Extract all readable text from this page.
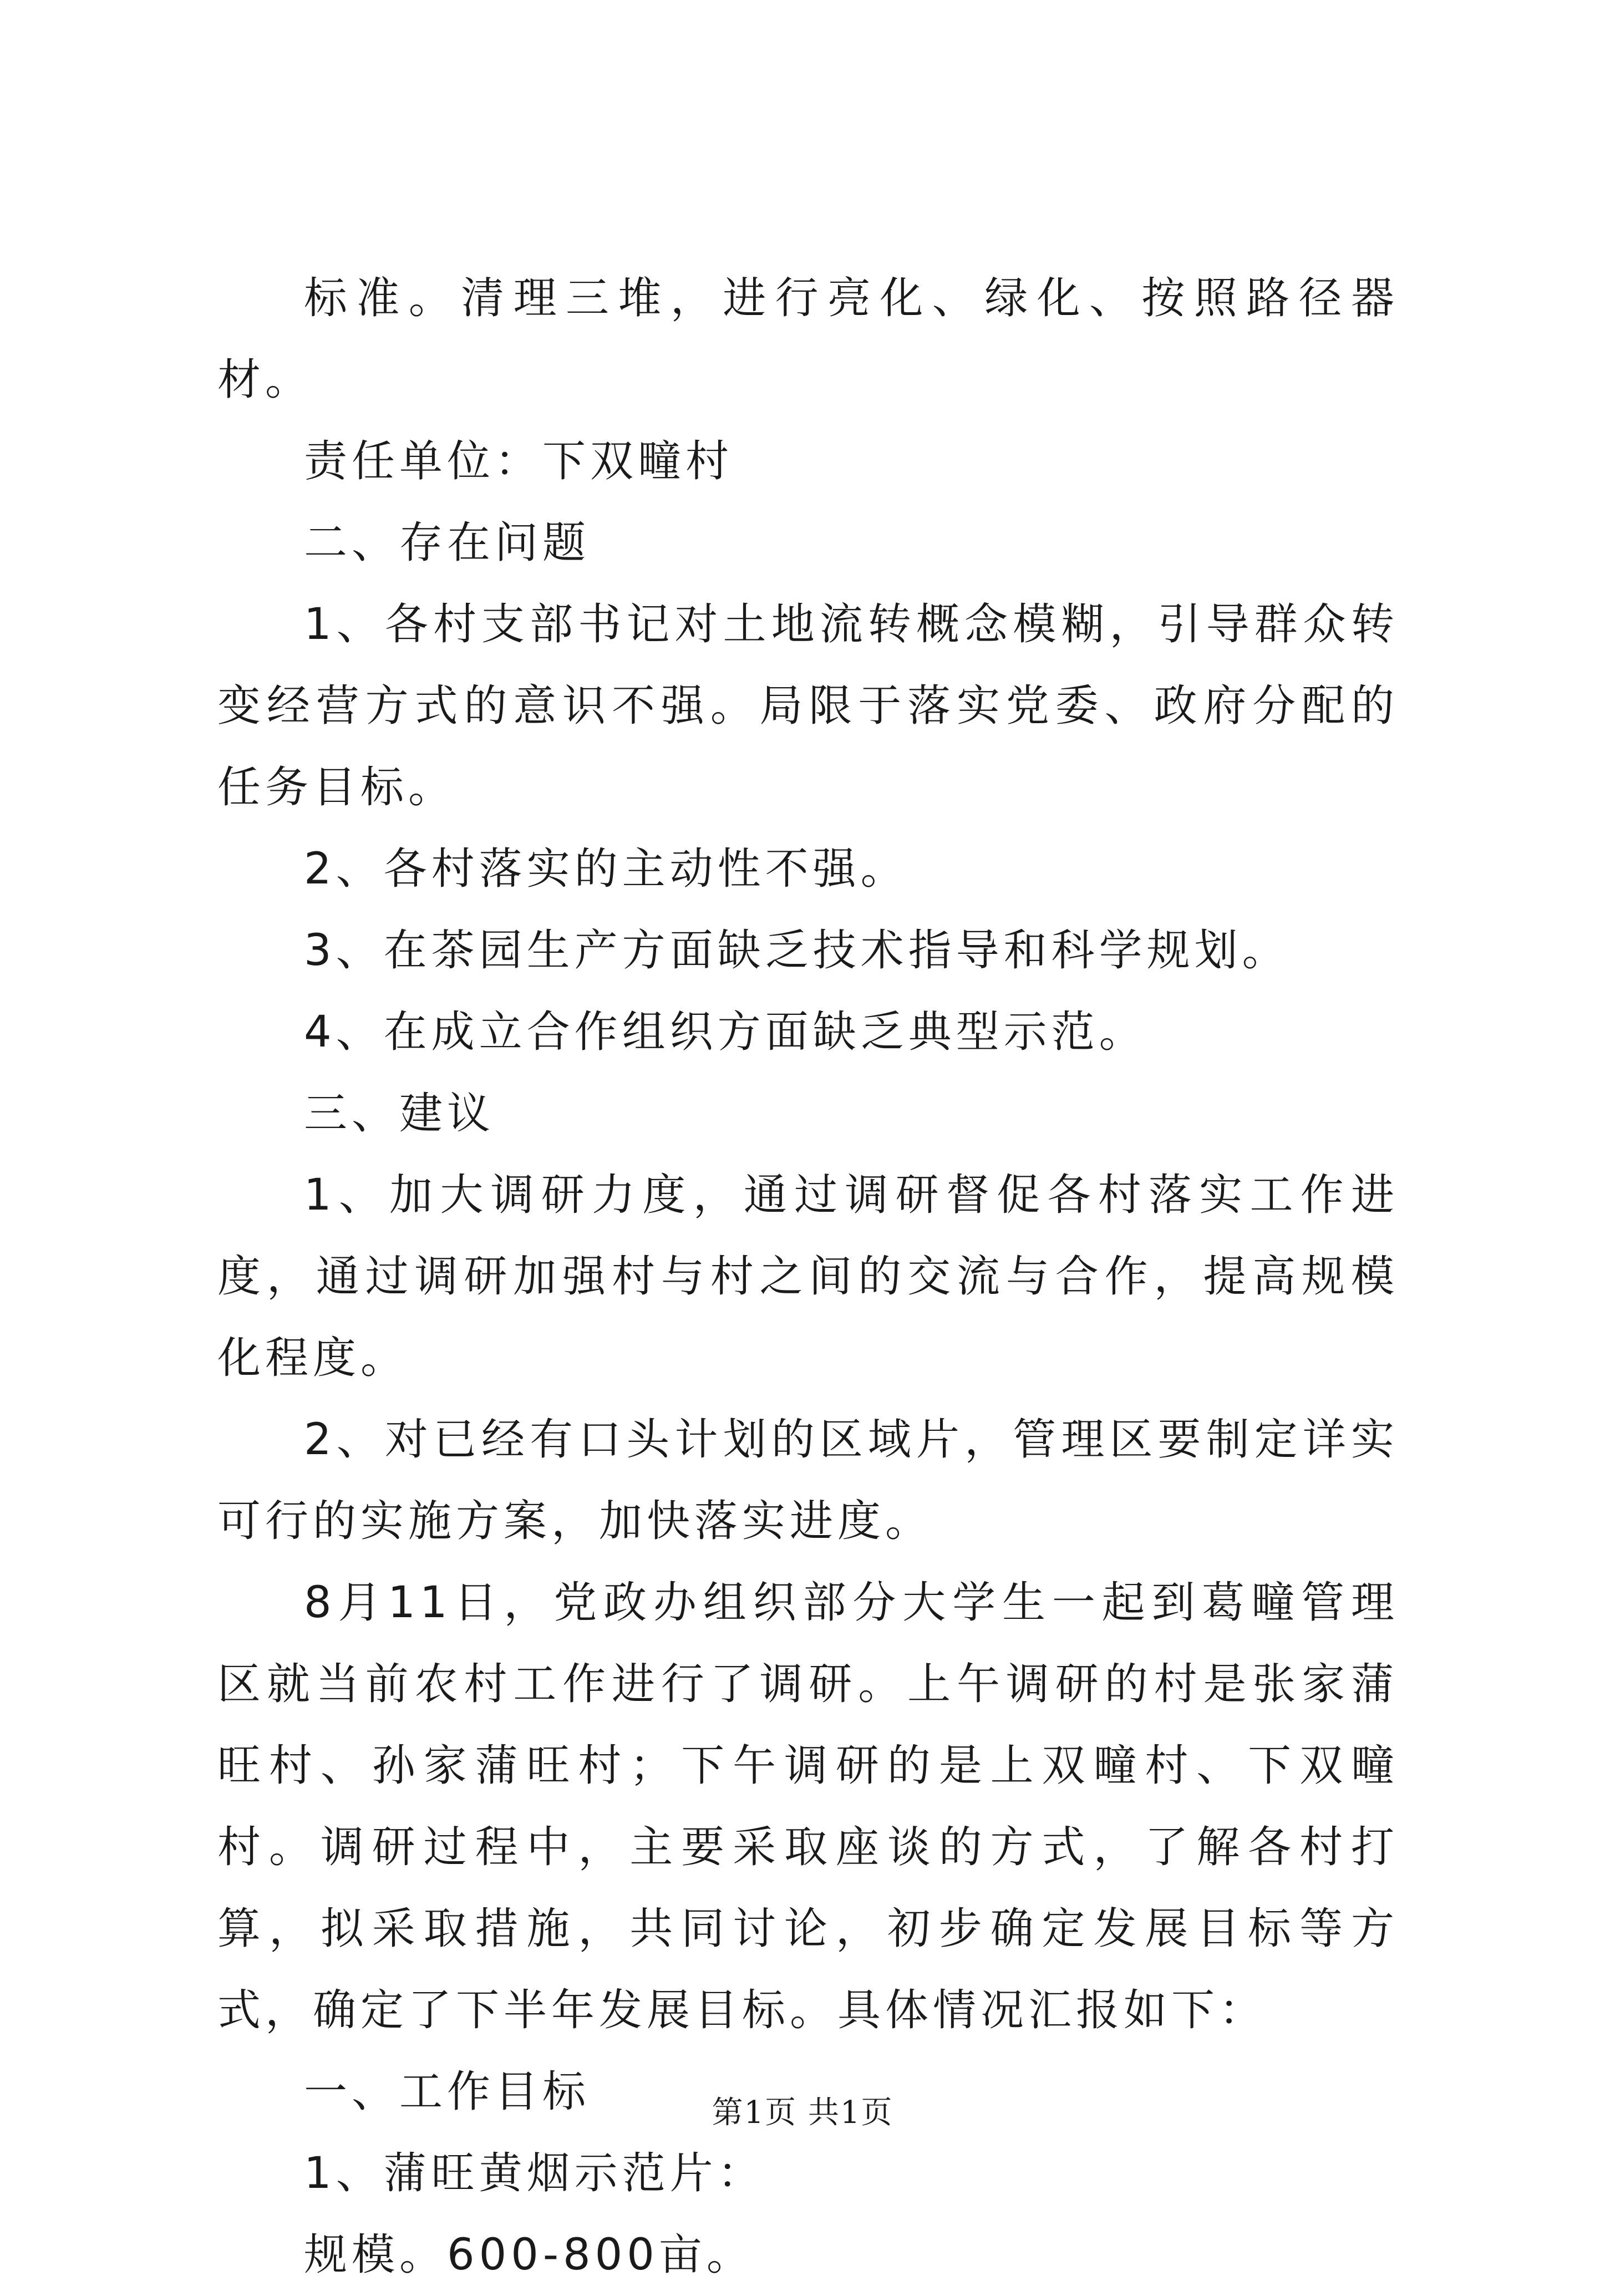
标准。清理三堆，进行亮化、绿化、按照路径器材。

责任单位：下双疃村

二、存在问题

1、各村支部书记对土地流转概念模糊，引导群众转变经营方式的意识不强。局限于落实党委、政府分配的任务目标。

2、各村落实的主动性不强。

3、在茶园生产方面缺乏技术指导和科学规划。

4、在成立合作组织方面缺乏典型示范。

三、建议

1、加大调研力度，通过调研督促各村落实工作进度，通过调研加强村与村之间的交流与合作，提高规模化程度。

2、对已经有口头计划的区域片，管理区要制定详实可行的实施方案，加快落实进度。

8月11日，党政办组织部分大学生一起到葛疃管理区就当前农村工作进行了调研。上午调研的村是张家蒲旺村、孙家蒲旺村；下午调研的是上双疃村、下双疃村。调研过程中，主要采取座谈的方式，了解各村打算，拟采取措施，共同讨论，初步确定发展目标等方式，确定了下半年发展目标。具体情况汇报如下：

一、工作目标

1、蒲旺黄烟示范片：

规模。600-800亩。

第1页 共1页
